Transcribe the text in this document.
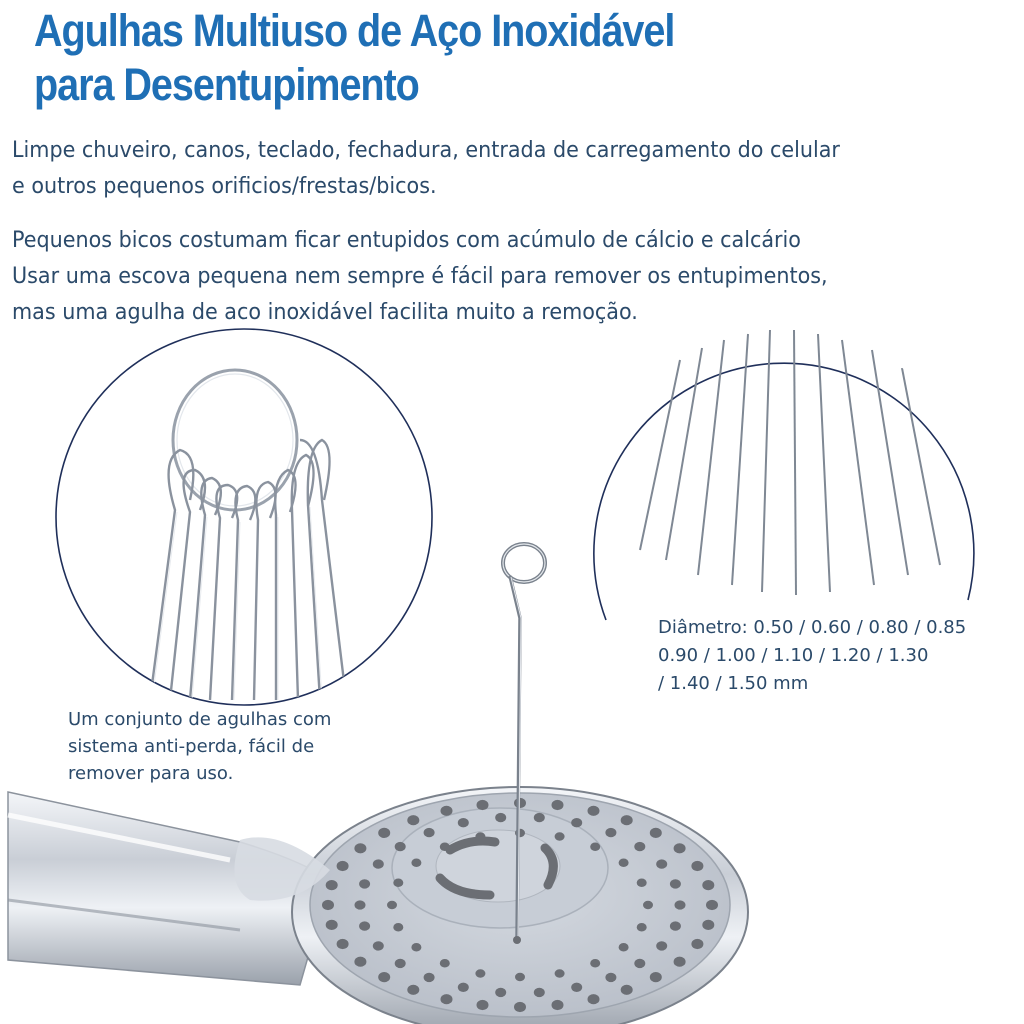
Agulhas Multiuso de Aço Inoxidável
para Desentupimento

Limpe chuveiro, canos, teclado, fechadura, entrada de carregamento do celular
e outros pequenos orificios/frestas/bicos.

Pequenos bicos costumam ficar entupidos com acúmulo de cálcio e calcário
Usar uma escova pequena nem sempre é fácil para remover os entupimentos,
mas uma agulha de aco inoxidável facilita muito a remoção.

Um conjunto de agulhas com
sistema anti-perda, fácil de
remover para uso.
Diâmetro: 0.50 / 0.60 / 0.80 / 0.85
0.90 / 1.00 / 1.10 / 1.20 / 1.30
/ 1.40 / 1.50 mm
